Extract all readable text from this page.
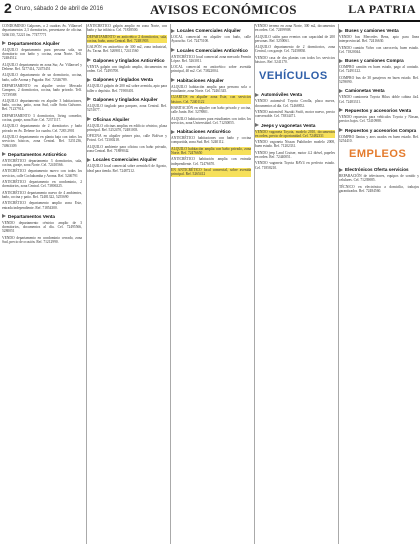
2 Oruro, sábado 2 de abril de 2016	AVISOS ECONÓMICOS	LA PATRIA
CONDOMINIO Galpones, a 2 cuadras Av. Villarroel departamentos 2,3 dormitorios, presentarse de oficina. 5266130, 72221 fm. 77477771
Departamentos Alquiler
ALQUILO departamento para persona sola, un dormitorio con baño y cocina, zona Norte. Telf. 72484512.
ALQUILO departamento en zona Sur, Av. Villarroel y Dehene. Ref. 5277414, 72475451
ALQUILO departamento de un dormitorio, cocina, baño, calle Aroma y Pagador. Ref. 72346789.
DEPARTAMENTO en alquiler sector Mercado Campero, 2 dormitorios, cocina, baño privado. Telf. 72739588
ALQUILO departamento en alquiler 3 habitaciones, baño, cocina, patio, zona Sud, calle Soria Galvarro. Ref. 71237914.
DEPARTAMENTO 3 dormitorios, living comedor, cocina, garaje, zona Este. Cel. 72371117.
ALQUILO departamento de 2 dormitorios y baño privado en Av. Dehene 1ra cuadra. Cel. 7283 2901
ALQUILO departamento en planta baja con todos los servicios básicos, zona Central. Ref. 5251236, 74863309.
Departamentos Anticrético
ANTICRÉTICO departamento 3 dormitorios, sala, cocina, garaje, zona Norte. Cel. 72410566.
ANTICRÉTICO departamento nuevo con todos los servicios, calle Cochabamba y Aroma. Ref. 5246791
ANTICRÉTICO departamento en condominio, 2 dormitorios, zona Central. Cel. 73806325.
ANTICRÉTICO departamento nuevo de 4 ambientes, baño, cocina y patio. Ref. 72481322, 5255690
ANTICRÉTICO departamento amplio zona Este, entrada independiente. Ref. 71854300.
Departamentos Venta
VENDO departamento céntrico amplio de 3 dormitorios, documentos al día. Cel. 72495566, 5280051
VENDO departamento en condominio cerrado, zona Sud, precio de ocasión. Ref. 71212990.
ANTICRÉTICO galpón amplio en zona Norte, con baño y luz trifásica. Cel. 71838500.
DEPARTAMENTO en anticrético 2 dormitorios, sala, cocina, baño, zona Central. Ref. 72481903
GALPÓN en anticrético de 300 m2, zona industrial, Av. Tacna. Ref. 5269011, 72411560
Galpones y tinglados Anticrético
VENTA galpón con tinglado amplio, documentos en orden. Cel. 72495700.
Galpones y tinglados Venta
ALQUILO galpón de 200 m2 sobre avenida, apto para taller o depósito. Ref. 71900401.
Galpones y tinglados Alquiler
ALQUILO tinglado para parqueo, zona Central. Ref. 5251077.
Oficinas Alquiler
ALQUILO oficinas amplias en edificio céntrico, plaza principal. Ref. 5252470, 72481003.
OFICINA en alquiler primer piso, calle Bolívar y Potosí. Cel. 72300218.
ALQUILO ambiente para oficina con baño privado, zona Central. Ref. 71889042.
Locales Comerciales Alquiler
ALQUILO local comercial sobre avenida 6 de Agosto, ideal para tienda. Ref. 72487212.
Locales Comerciales Alquiler
LOCAL comercial en alquiler con baño, calle Ayacucho. Cel. 72475100.
Locales Comerciales Anticrético
ANTICRÉTICO local comercial zona mercado Fermín López. Ref. 5263011.
LOCAL comercial en anticrético sobre avenida principal, 40 m2. Cel. 73822004.
Habitaciones Alquiler
ALQUILO habitación amplia para persona sola o estudiante, zona Norte. Cel. 72461345.
CUARTOS en alquiler zona Este, con servicios básicos. Cel. 72401122
HABITACIÓN en alquiler con baño privado y cocina, calle Junín. Ref. 5278801.
ALQUILO habitaciones para estudiantes con todos los servicios, zona Universidad. Cel. 71230055.
Habitaciones Anticrético
ANTICRÉTICO habitaciones con baño y cocina compartida, zona Sud. Ref. 5240112.
ALQUILO habitación amplia con baño privado, zona Norte. Ref. 72476650
ANTICRÉTICO habitación amplia con entrada independiente. Cel. 72476670.
EN ANTICRÉTICO local comercial, sobre avenida principal. Ref. 5265412
VENDO terreno en zona Norte, 300 m2, documentos en orden. Cel. 72499908.
ALQUILO salón para eventos con capacidad de 200 personas. Ref. 5250061.
ALQUILO departamento de 2 dormitorios, zona Central, con garaje. Cel. 72458830.
VENDO casa de dos plantas con todos los servicios básicos. Ref. 5241170.
VEHÍCULOS
Automóviles Venta
VENDO automóvil Toyota Corolla, placa nueva, documentos al día. Cel. 72468852.
VENDO automóvil Suzuki Swift, motor nuevo, precio conversable. Cel. 73834471.
Jeeps y vagonetas Venta
VENDO vagoneta Toyota, modelo 2010, documentos en orden, precio de oportunidad. Cel. 72482331
VENDO vagoneta Nissan Pathfinder modelo 2008, buen estado. Ref. 71202331.
VENDO jeep Land Cruiser, motor 4.2 diésel, papeles en orden. Ref. 72440051.
VENDO vagoneta Toyota RAV4 en perfecto estado. Cel. 71858210.
Buses y camiones Venta
VENDO bus Mercedes Benz, apto para línea interprovincial. Ref. 72416630.
VENDO camión Volvo con carrocería, buen estado. Cel. 71820044.
Buses y camiones Compra
COMPRO camión en buen estado, pago al contado. Cel. 72491122.
COMPRO bus de 30 pasajeros en buen estado. Ref. 5259090.
Camionetas Venta
VENDO camioneta Toyota Hilux doble cabina 4x4. Cel. 72483311.
Repuestos y accesorios Venta
VENDO repuestos para vehículos Toyota y Nissan, precios bajos. Cel. 72410988.
Repuestos y accesorios Compra
COMPRO llantas y aros usados en buen estado. Ref. 5254410.
EMPLEOS
Electrónicos Oferta servicios
REPARACIÓN de televisores, equipos de sonido y celulares. Cel. 71239085.
TÉCNICO en electrónica a domicilio, trabajos garantizados. Ref. 72484560.
